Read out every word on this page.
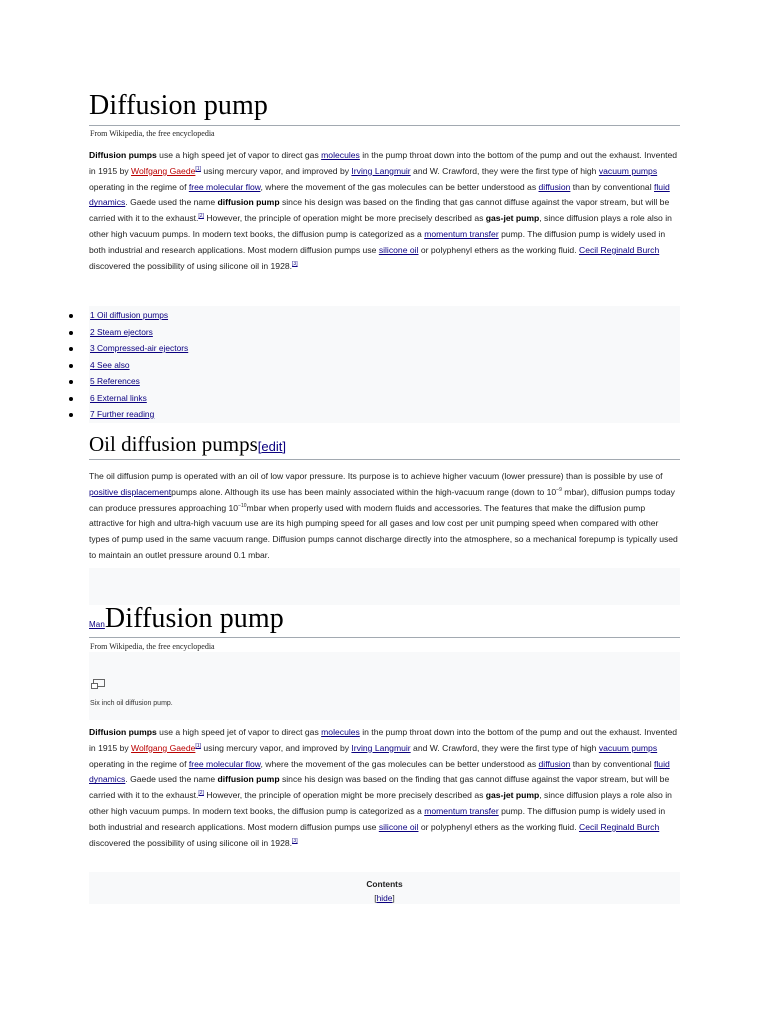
Diffusion pump
From Wikipedia, the free encyclopedia
Diffusion pumps use a high speed jet of vapor to direct gas molecules in the pump throat down into the bottom of the pump and out the exhaust. Invented in 1915 by Wolfgang Gaede[1] using mercury vapor, and improved by Irving Langmuir and W. Crawford, they were the first type of high vacuum pumps operating in the regime of free molecular flow, where the movement of the gas molecules can be better understood as diffusion than by conventional fluid dynamics. Gaede used the name diffusion pump since his design was based on the finding that gas cannot diffuse against the vapor stream, but will be carried with it to the exhaust.[2] However, the principle of operation might be more precisely described as gas-jet pump, since diffusion plays a role also in other high vacuum pumps. In modern text books, the diffusion pump is categorized as a momentum transfer pump. The diffusion pump is widely used in both industrial and research applications. Most modern diffusion pumps use silicone oil or polyphenyl ethers as the working fluid. Cecil Reginald Burch discovered the possibility of using silicone oil in 1928.[3]
1 Oil diffusion pumps
2 Steam ejectors
3 Compressed-air ejectors
4 See also
5 References
6 External links
7 Further reading
Oil diffusion pumps[edit]
The oil diffusion pump is operated with an oil of low vapor pressure. Its purpose is to achieve higher vacuum (lower pressure) than is possible by use of positive displacementpumps alone. Although its use has been mainly associated within the high-vacuum range (down to $10^{-9}$ mbar), diffusion pumps today can produce pressures approaching $10^{-10}mbar$ when properly used with modern fluids and accessories. The features that make the diffusion pump attractive for high and ultra-high vacuum use are its high pumping speed for all gases and low cost per unit pumping speed when compared with other types of pump used in the same vacuum range. Diffusion pumps cannot discharge directly into the atmosphere, so a mechanical forepump is typically used to maintain an outlet pressure around 0.1 mbar.
ManDiffusion pump
From Wikipedia, the free encyclopedia
Six inch oil diffusion pump.
Diffusion pumps use a high speed jet of vapor to direct gas molecules in the pump throat down into the bottom of the pump and out the exhaust. Invented in 1915 by Wolfgang Gaede[1] using mercury vapor, and improved by Irving Langmuir and W. Crawford, they were the first type of high vacuum pumps operating in the regime of free molecular flow, where the movement of the gas molecules can be better understood as diffusion than by conventional fluid dynamics. Gaede used the name diffusion pump since his design was based on the finding that gas cannot diffuse against the vapor stream, but will be carried with it to the exhaust.[2] However, the principle of operation might be more precisely described as gas-jet pump, since diffusion plays a role also in other high vacuum pumps. In modern text books, the diffusion pump is categorized as a momentum transfer pump. The diffusion pump is widely used in both industrial and research applications. Most modern diffusion pumps use silicone oil or polyphenyl ethers as the working fluid. Cecil Reginald Burch discovered the possibility of using silicone oil in 1928.[3]
Contents
[hide]
